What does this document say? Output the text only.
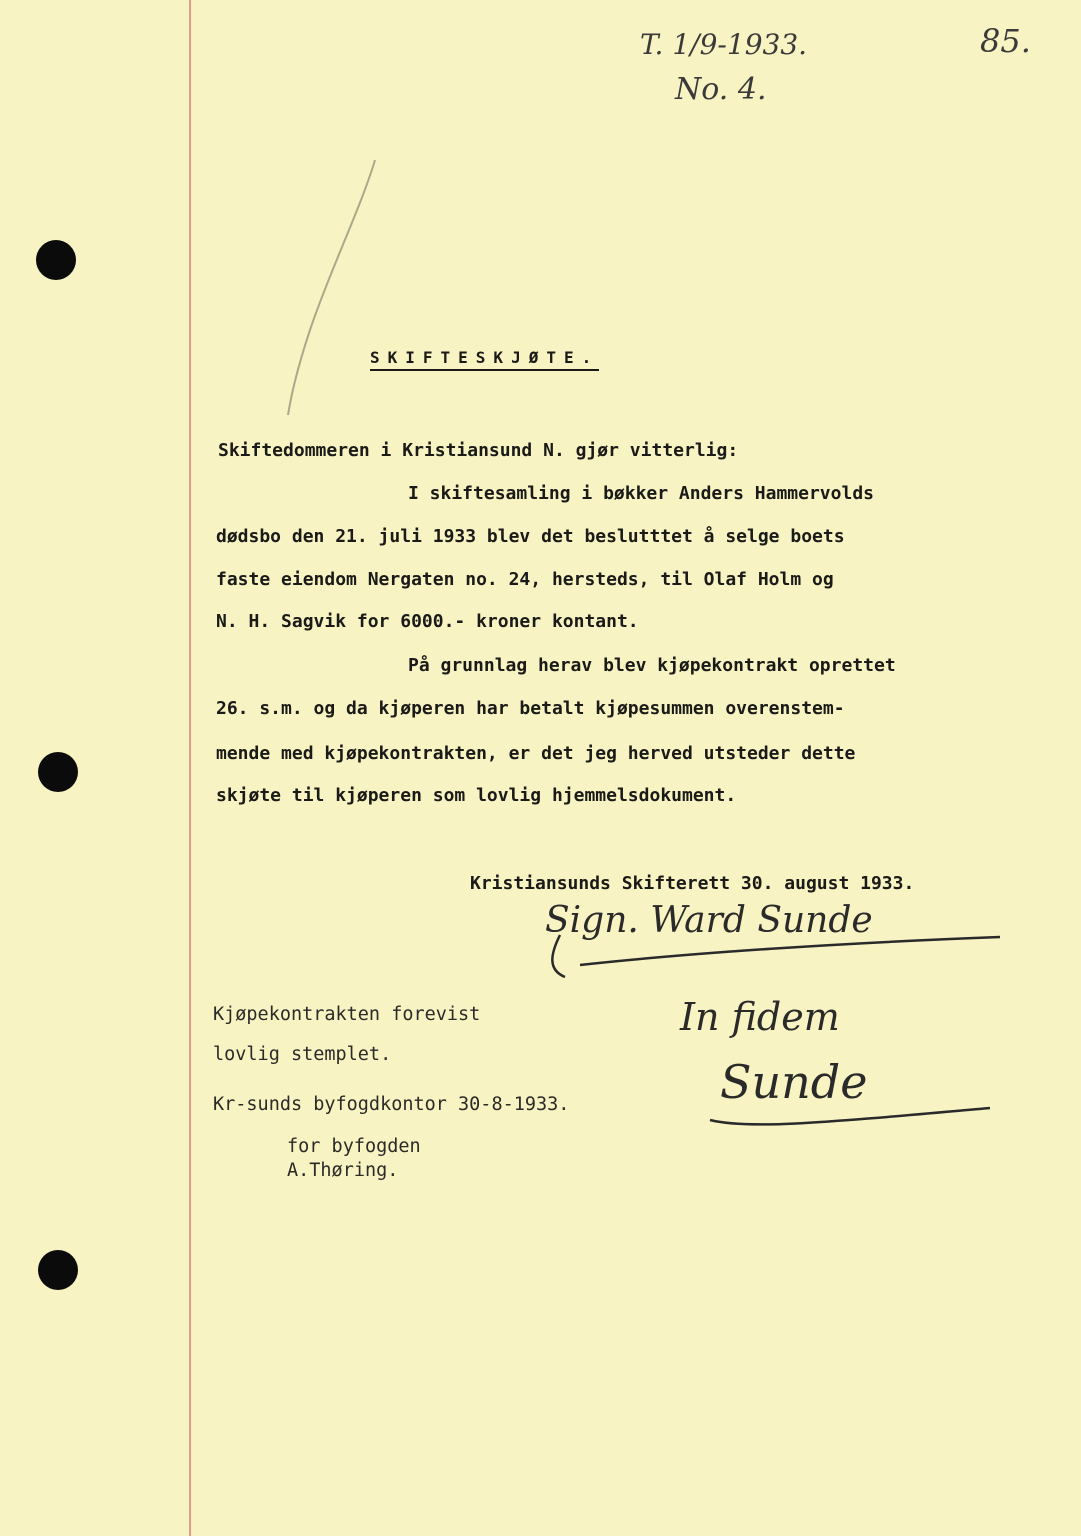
T. 1/9-1933.
No. 4.
85.
SKIFTESKJØTE.
Skiftedommeren i Kristiansund N. gjør vitterlig:
I skiftesamling i bøkker Anders Hammervolds
dødsbo den 21. juli 1933 blev det beslutttet å selge boets
faste eiendom Nergaten no. 24, hersteds, til Olaf Holm og
N. H. Sagvik for 6000.- kroner kontant.
På grunnlag herav blev kjøpekontrakt oprettet
26. s.m. og da kjøperen har betalt kjøpesummen overenstem-
mende med kjøpekontrakten, er det jeg herved utsteder dette
skjøte til kjøperen som lovlig hjemmelsdokument.
Kristiansunds Skifterett 30. august 1933.
Sign. Ward Sunde
Kjøpekontrakten forevist
lovlig stemplet.
Kr-sunds byfogdkontor 30-8-1933.
for byfogden
A.Thøring.
In fidem
Sunde
